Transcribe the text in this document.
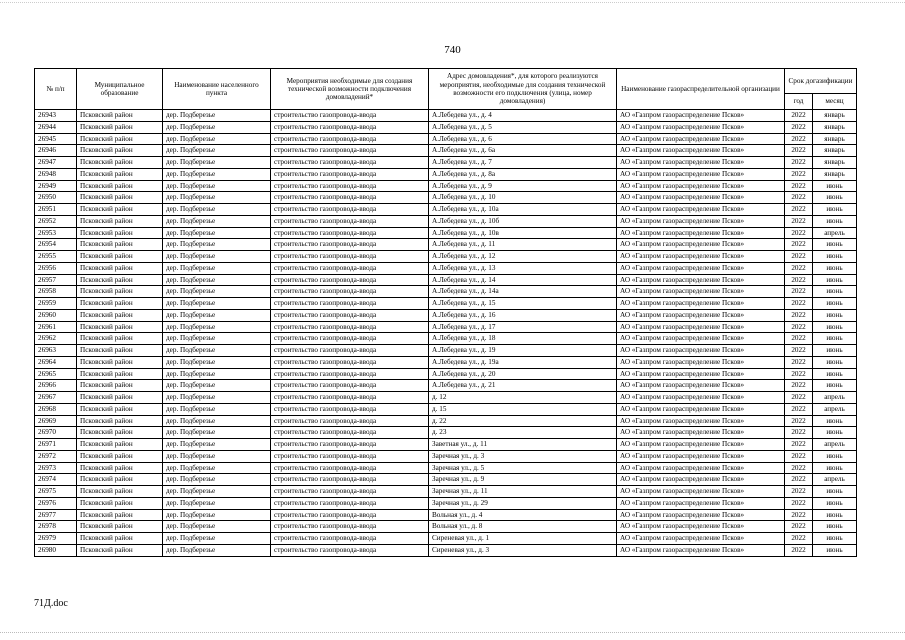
740
№ п/п	Муниципальное образование	Наименование населенного пункта	Мероприятия необходимые для создания технической возможности подключения домовладений*	Адрес домовладения*, для которого реализуются мероприятия, необходимые для создания технической возможности его подключения (улица, номер домовладения)	Наименование газораспределительной организации	Срок догазификации	
						год	месяц
26943	Псковский район	дер. Подберезье	строительство газопровода-ввода	А.Лебедева ул., д. 4	АО «Газпром газораспределение Псков»	2022	январь
26944	Псковский район	дер. Подберезье	строительство газопровода-ввода	А.Лебедева ул., д. 5	АО «Газпром газораспределение Псков»	2022	январь
26945	Псковский район	дер. Подберезье	строительство газопровода-ввода	А.Лебедева ул., д. 6	АО «Газпром газораспределение Псков»	2022	январь
26946	Псковский район	дер. Подберезье	строительство газопровода-ввода	А.Лебедева ул., д. 6а	АО «Газпром газораспределение Псков»	2022	январь
26947	Псковский район	дер. Подберезье	строительство газопровода-ввода	А.Лебедева ул., д. 7	АО «Газпром газораспределение Псков»	2022	январь
26948	Псковский район	дер. Подберезье	строительство газопровода-ввода	А.Лебедева ул., д. 8а	АО «Газпром газораспределение Псков»	2022	январь
26949	Псковский район	дер. Подберезье	строительство газопровода-ввода	А.Лебедева ул., д. 9	АО «Газпром газораспределение Псков»	2022	июнь
26950	Псковский район	дер. Подберезье	строительство газопровода-ввода	А.Лебедева ул., д. 10	АО «Газпром газораспределение Псков»	2022	июнь
26951	Псковский район	дер. Подберезье	строительство газопровода-ввода	А.Лебедева ул., д. 10а	АО «Газпром газораспределение Псков»	2022	июнь
26952	Псковский район	дер. Подберезье	строительство газопровода-ввода	А.Лебедева ул., д. 10б	АО «Газпром газораспределение Псков»	2022	июнь
26953	Псковский район	дер. Подберезье	строительство газопровода-ввода	А.Лебедева ул., д. 10в	АО «Газпром газораспределение Псков»	2022	апрель
26954	Псковский район	дер. Подберезье	строительство газопровода-ввода	А.Лебедева ул., д. 11	АО «Газпром газораспределение Псков»	2022	июнь
26955	Псковский район	дер. Подберезье	строительство газопровода-ввода	А.Лебедева ул., д. 12	АО «Газпром газораспределение Псков»	2022	июнь
26956	Псковский район	дер. Подберезье	строительство газопровода-ввода	А.Лебедева ул., д. 13	АО «Газпром газораспределение Псков»	2022	июнь
26957	Псковский район	дер. Подберезье	строительство газопровода-ввода	А.Лебедева ул., д. 14	АО «Газпром газораспределение Псков»	2022	июнь
26958	Псковский район	дер. Подберезье	строительство газопровода-ввода	А.Лебедева ул., д. 14а	АО «Газпром газораспределение Псков»	2022	июнь
26959	Псковский район	дер. Подберезье	строительство газопровода-ввода	А.Лебедева ул., д. 15	АО «Газпром газораспределение Псков»	2022	июнь
26960	Псковский район	дер. Подберезье	строительство газопровода-ввода	А.Лебедева ул., д. 16	АО «Газпром газораспределение Псков»	2022	июнь
26961	Псковский район	дер. Подберезье	строительство газопровода-ввода	А.Лебедева ул., д. 17	АО «Газпром газораспределение Псков»	2022	июнь
26962	Псковский район	дер. Подберезье	строительство газопровода-ввода	А.Лебедева ул., д. 18	АО «Газпром газораспределение Псков»	2022	июнь
26963	Псковский район	дер. Подберезье	строительство газопровода-ввода	А.Лебедева ул., д. 19	АО «Газпром газораспределение Псков»	2022	июнь
26964	Псковский район	дер. Подберезье	строительство газопровода-ввода	А.Лебедева ул., д. 19а	АО «Газпром газораспределение Псков»	2022	июнь
26965	Псковский район	дер. Подберезье	строительство газопровода-ввода	А.Лебедева ул., д. 20	АО «Газпром газораспределение Псков»	2022	июнь
26966	Псковский район	дер. Подберезье	строительство газопровода-ввода	А.Лебедева ул., д. 21	АО «Газпром газораспределение Псков»	2022	июнь
26967	Псковский район	дер. Подберезье	строительство газопровода-ввода	д. 12	АО «Газпром газораспределение Псков»	2022	апрель
26968	Псковский район	дер. Подберезье	строительство газопровода-ввода	д. 15	АО «Газпром газораспределение Псков»	2022	апрель
26969	Псковский район	дер. Подберезье	строительство газопровода-ввода	д. 22	АО «Газпром газораспределение Псков»	2022	июнь
26970	Псковский район	дер. Подберезье	строительство газопровода-ввода	д. 23	АО «Газпром газораспределение Псков»	2022	июнь
26971	Псковский район	дер. Подберезье	строительство газопровода-ввода	Заветная ул., д. 11	АО «Газпром газораспределение Псков»	2022	апрель
26972	Псковский район	дер. Подберезье	строительство газопровода-ввода	Заречная ул., д. 3	АО «Газпром газораспределение Псков»	2022	июнь
26973	Псковский район	дер. Подберезье	строительство газопровода-ввода	Заречная ул., д. 5	АО «Газпром газораспределение Псков»	2022	июнь
26974	Псковский район	дер. Подберезье	строительство газопровода-ввода	Заречная ул., д. 9	АО «Газпром газораспределение Псков»	2022	апрель
26975	Псковский район	дер. Подберезье	строительство газопровода-ввода	Заречная ул., д. 11	АО «Газпром газораспределение Псков»	2022	июнь
26976	Псковский район	дер. Подберезье	строительство газопровода-ввода	Заречная ул., д. 29	АО «Газпром газораспределение Псков»	2022	июнь
26977	Псковский район	дер. Подберезье	строительство газопровода-ввода	Вольная ул., д. 4	АО «Газпром газораспределение Псков»	2022	июнь
26978	Псковский район	дер. Подберезье	строительство газопровода-ввода	Вольная ул., д. 8	АО «Газпром газораспределение Псков»	2022	июнь
26979	Псковский район	дер. Подберезье	строительство газопровода-ввода	Сиреневая ул., д. 1	АО «Газпром газораспределение Псков»	2022	июнь
26980	Псковский район	дер. Подберезье	строительство газопровода-ввода	Сиреневая ул., д. 3	АО «Газпром газораспределение Псков»	2022	июнь
71Д.doc
